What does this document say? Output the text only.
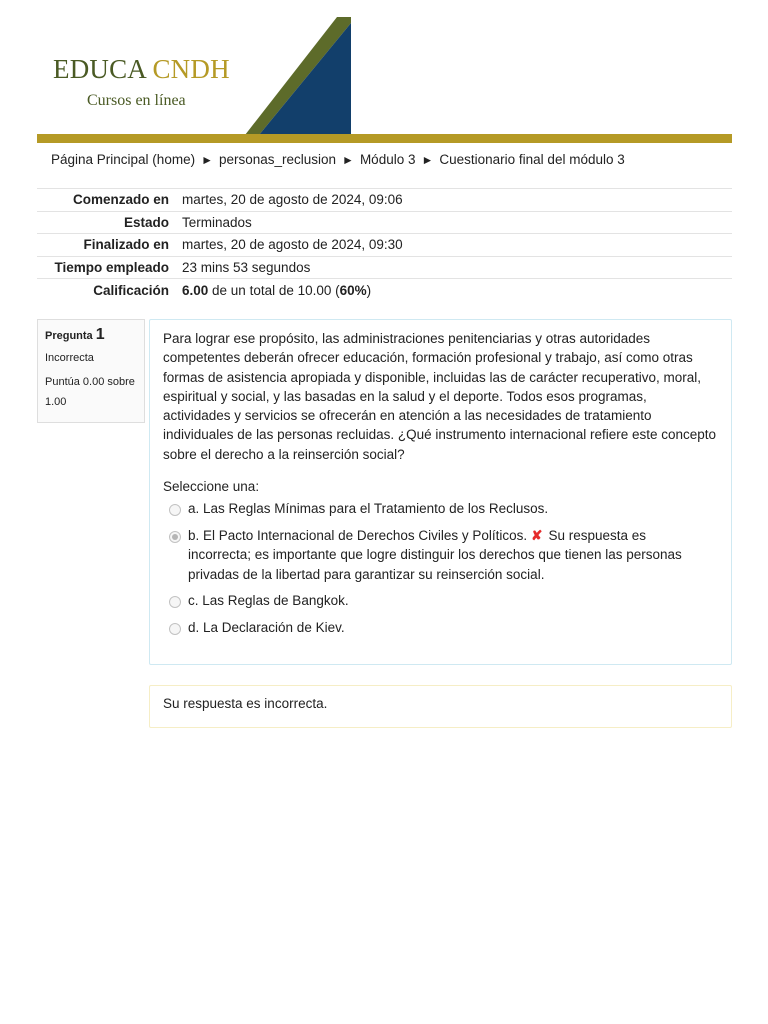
EDUCA CNDH
Cursos en línea
Página Principal (home) ► personas_reclusion ► Módulo 3 ► Cuestionario final del módulo 3
Comenzado en martes, 20 de agosto de 2024, 09:06
Estado Terminados
Finalizado en martes, 20 de agosto de 2024, 09:30
Tiempo empleado 23 mins 53 segundos
Calificación 6.00 de un total de 10.00 (60%)
Pregunta 1
Incorrecta
Puntúa 0.00 sobre 1.00
Para lograr ese propósito, las administraciones penitenciarias y otras autoridades competentes deberán ofrecer educación, formación profesional y trabajo, así como otras formas de asistencia apropiada y disponible, incluidas las de carácter recuperativo, moral, espiritual y social, y las basadas en la salud y el deporte. Todos esos programas, actividades y servicios se ofrecerán en atención a las necesidades de tratamiento individuales de las personas recluidas. ¿Qué instrumento internacional refiere este concepto sobre el derecho a la reinserción social?
Seleccione una:
a. Las Reglas Mínimas para el Tratamiento de los Reclusos.
b. El Pacto Internacional de Derechos Civiles y Políticos. ✘ Su respuesta es incorrecta; es importante que logre distinguir los derechos que tienen las personas privadas de la libertad para garantizar su reinserción social.
c. Las Reglas de Bangkok.
d. La Declaración de Kiev.
Su respuesta es incorrecta.
